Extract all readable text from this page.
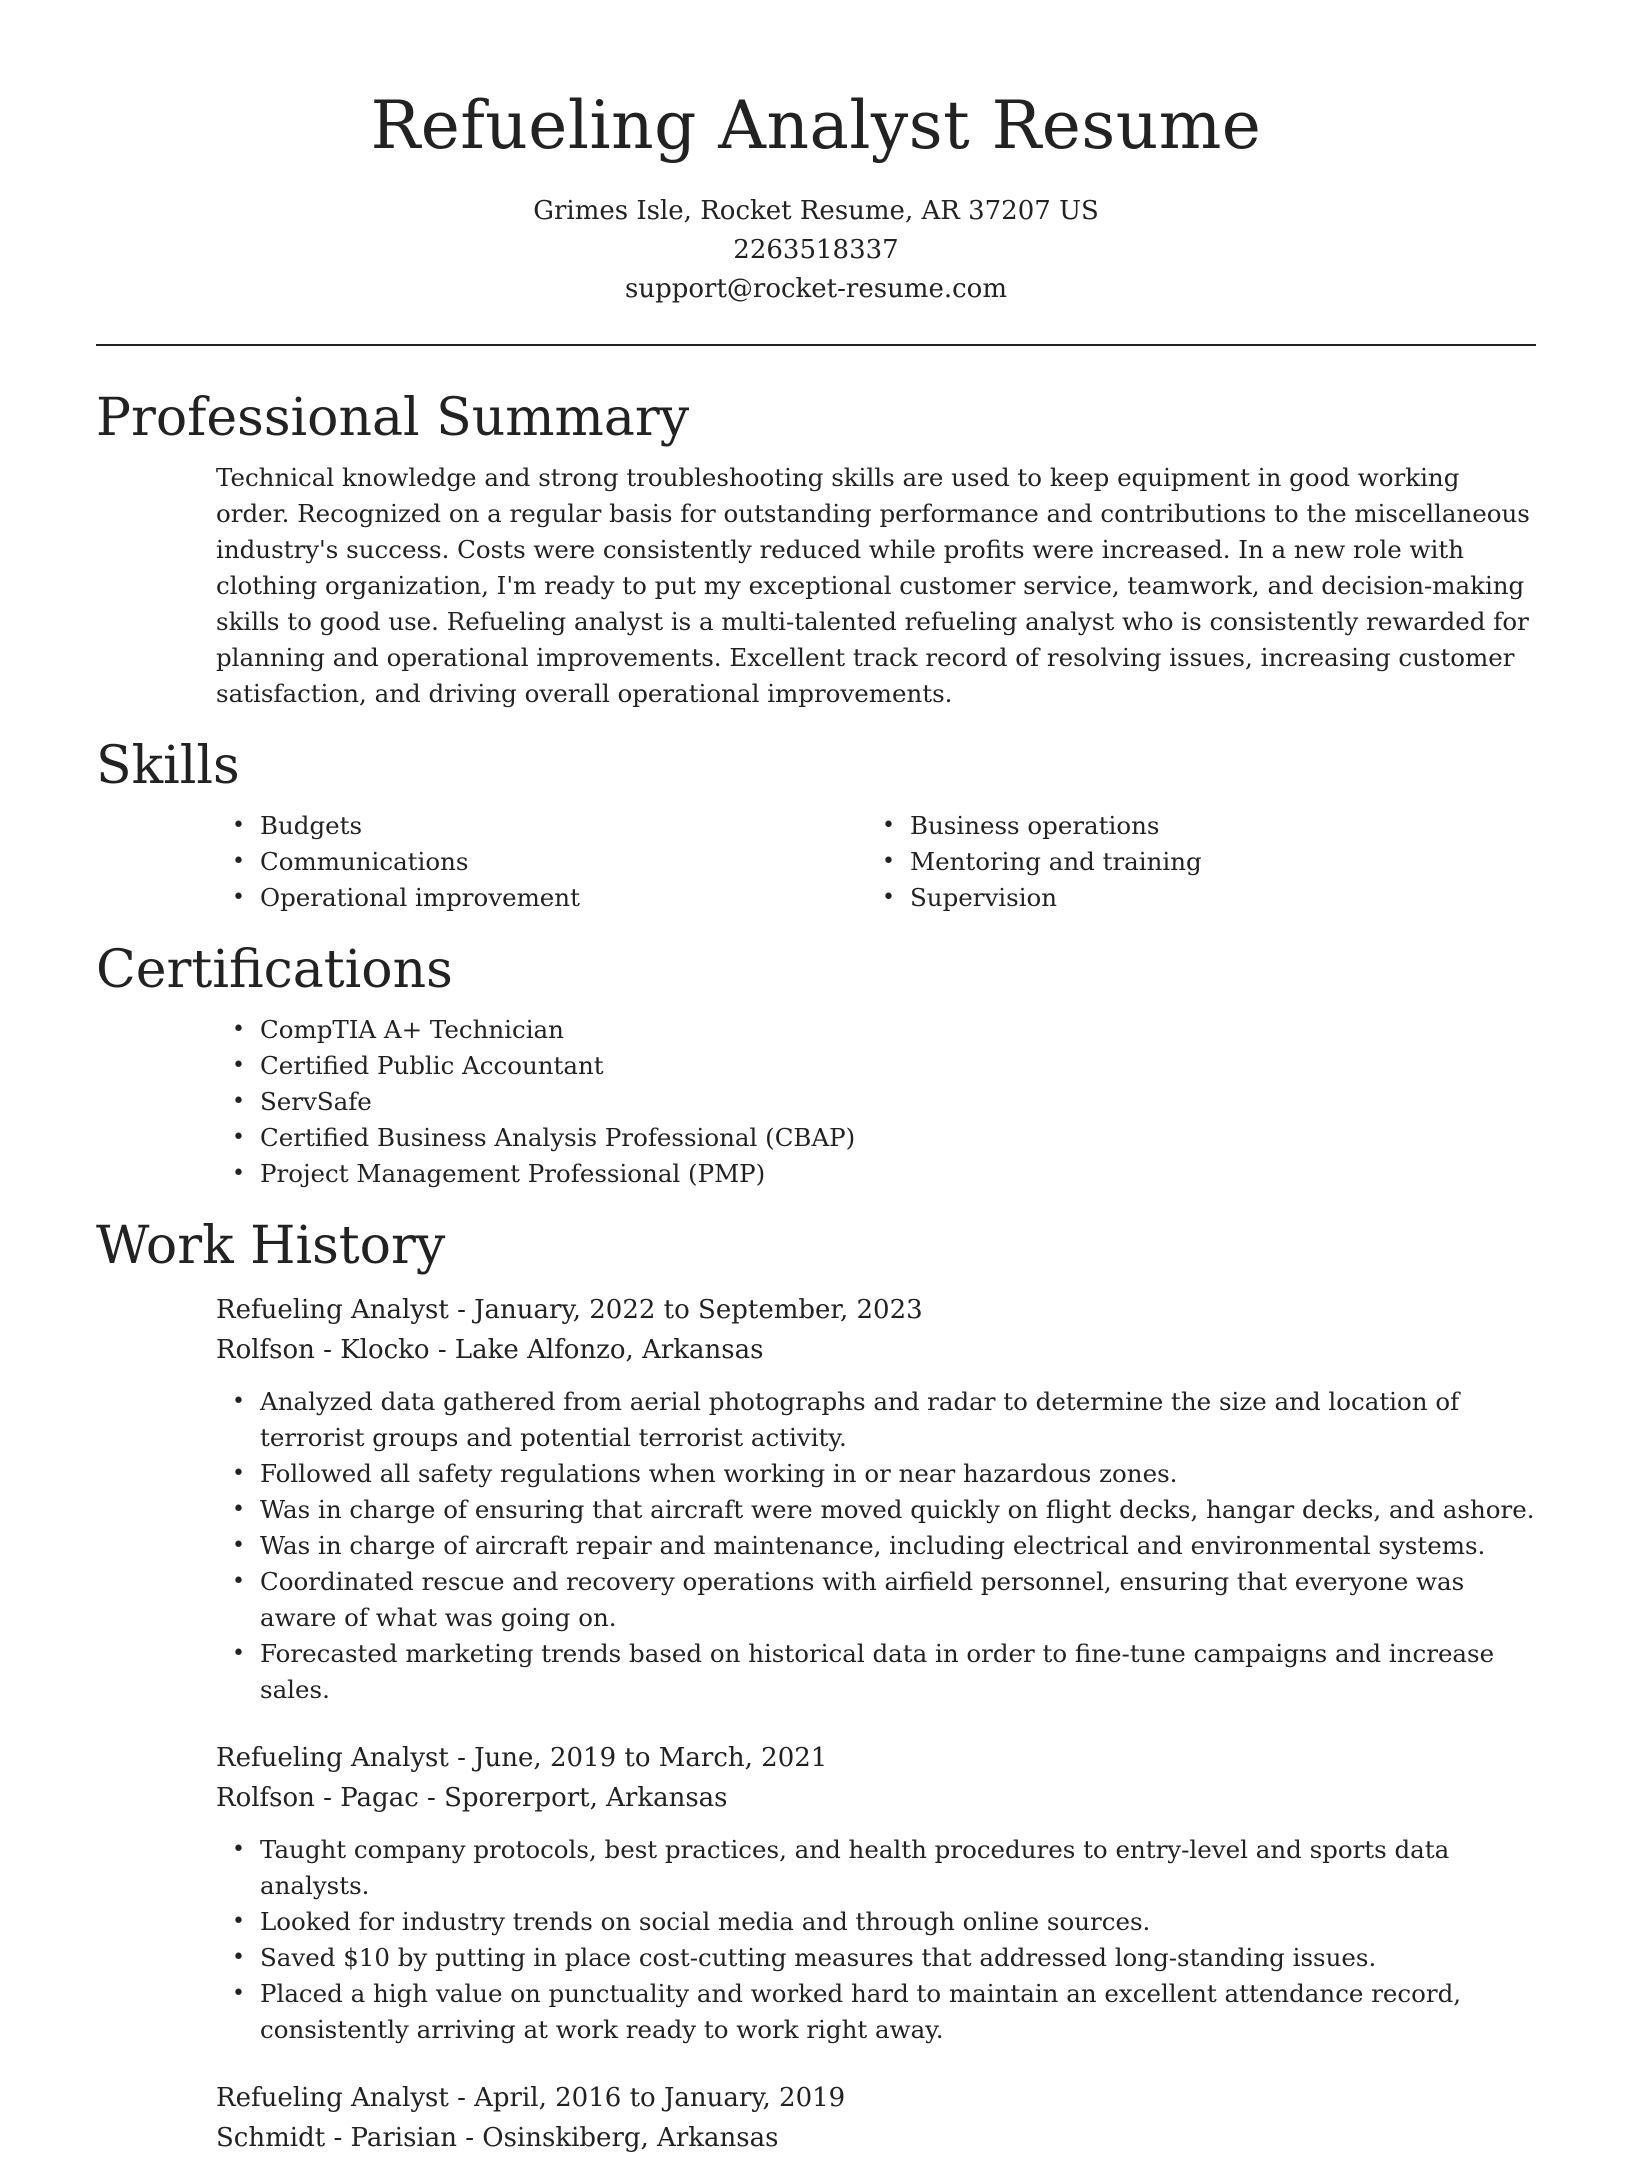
Refueling Analyst Resume
Grimes Isle, Rocket Resume, AR 37207 US
2263518337
support@rocket-resume.com
Professional Summary

Technical knowledge and strong troubleshooting skills are used to keep equipment in good working order. Recognized on a regular basis for outstanding performance and contributions to the miscellaneous industry's success. Costs were consistently reduced while profits were increased. In a new role with clothing organization, I'm ready to put my exceptional customer service, teamwork, and decision-making skills to good use. Refueling analyst is a multi-talented refueling analyst who is consistently rewarded for planning and operational improvements. Excellent track record of resolving issues, increasing customer satisfaction, and driving overall operational improvements.

Skills
• Budgets
• Communications
• Operational improvement
• Business operations
• Mentoring and training
• Supervision
Certifications
• CompTIA A+ Technician
• Certified Public Accountant
• ServSafe
• Certified Business Analysis Professional (CBAP)
• Project Management Professional (PMP)
Work History
Refueling Analyst - January, 2022 to September, 2023
Rolfson - Klocko - Lake Alfonzo, Arkansas
• Analyzed data gathered from aerial photographs and radar to determine the size and location of terrorist groups and potential terrorist activity.
• Followed all safety regulations when working in or near hazardous zones.
• Was in charge of ensuring that aircraft were moved quickly on flight decks, hangar decks, and ashore.
• Was in charge of aircraft repair and maintenance, including electrical and environmental systems.
• Coordinated rescue and recovery operations with airfield personnel, ensuring that everyone was aware of what was going on.
• Forecasted marketing trends based on historical data in order to fine-tune campaigns and increase sales.
Refueling Analyst - June, 2019 to March, 2021
Rolfson - Pagac - Sporerport, Arkansas
• Taught company protocols, best practices, and health procedures to entry-level and sports data analysts.
• Looked for industry trends on social media and through online sources.
• Saved $10 by putting in place cost-cutting measures that addressed long-standing issues.
• Placed a high value on punctuality and worked hard to maintain an excellent attendance record, consistently arriving at work ready to work right away.
Refueling Analyst - April, 2016 to January, 2019
Schmidt - Parisian - Osinskiberg, Arkansas
